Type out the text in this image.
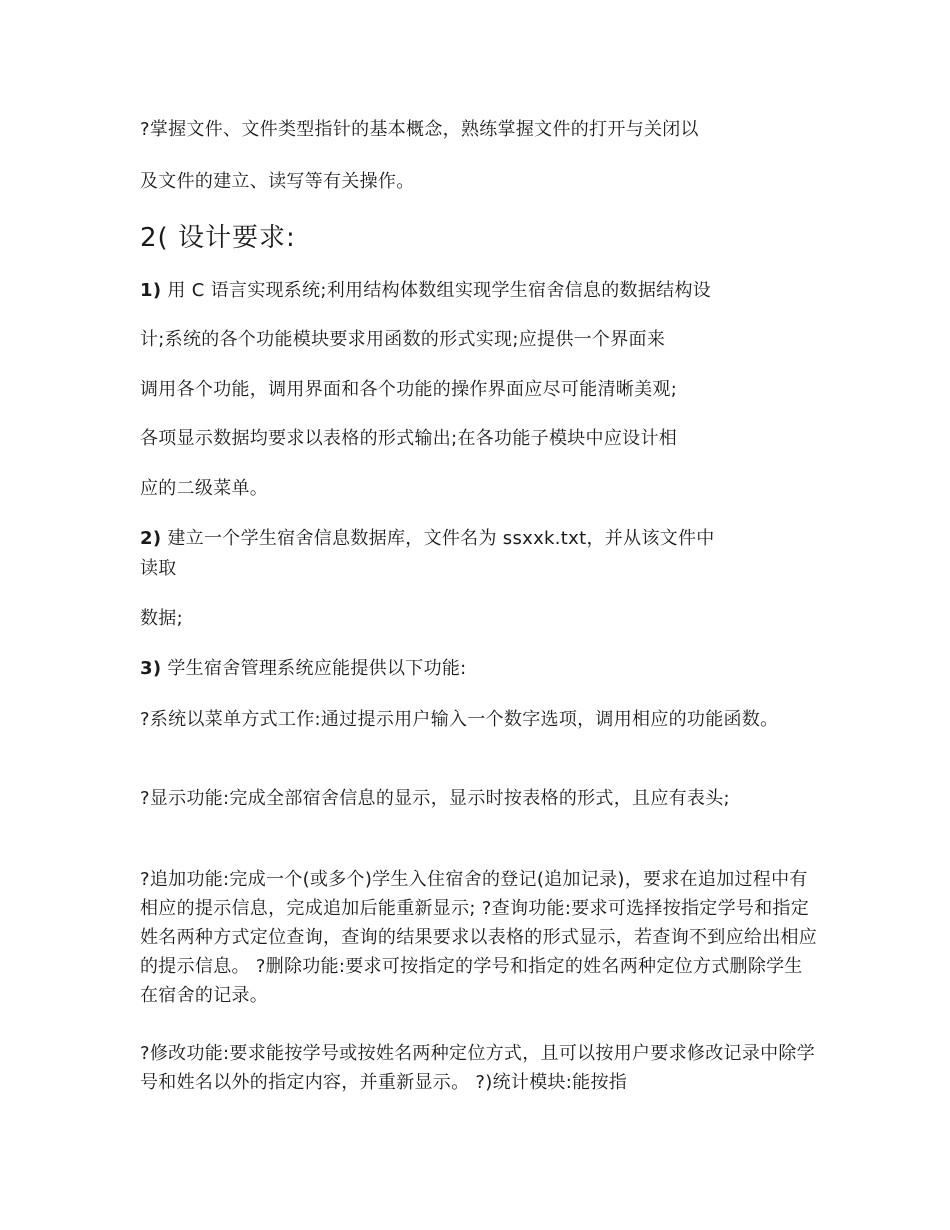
?掌握文件、文件类型指针的基本概念，熟练掌握文件的打开与关闭以
及文件的建立、读写等有关操作。
2( 设计要求:
1) 用 C 语言实现系统;利用结构体数组实现学生宿舍信息的数据结构设
计;系统的各个功能模块要求用函数的形式实现;应提供一个界面来
调用各个功能，调用界面和各个功能的操作界面应尽可能清晰美观;
各项显示数据均要求以表格的形式输出;在各功能子模块中应设计相
应的二级菜单。
2) 建立一个学生宿舍信息数据库，文件名为 ssxxk.txt，并从该文件中
读取
数据;
3) 学生宿舍管理系统应能提供以下功能:
?系统以菜单方式工作:通过提示用户输入一个数字选项，调用相应的功能函数。
?显示功能:完成全部宿舍信息的显示，显示时按表格的形式，且应有表头;
?追加功能:完成一个(或多个)学生入住宿舍的登记(追加记录)，要求在追加过程中有相应的提示信息，完成追加后能重新显示; ?查询功能:要求可选择按指定学号和指定姓名两种方式定位查询，查询的结果要求以表格的形式显示，若查询不到应给出相应的提示信息。 ?删除功能:要求可按指定的学号和指定的姓名两种定位方式删除学生在宿舍的记录。
?修改功能:要求能按学号或按姓名两种定位方式，且可以按用户要求修改记录中除学号和姓名以外的指定内容，并重新显示。 ?)统计模块:能按指
